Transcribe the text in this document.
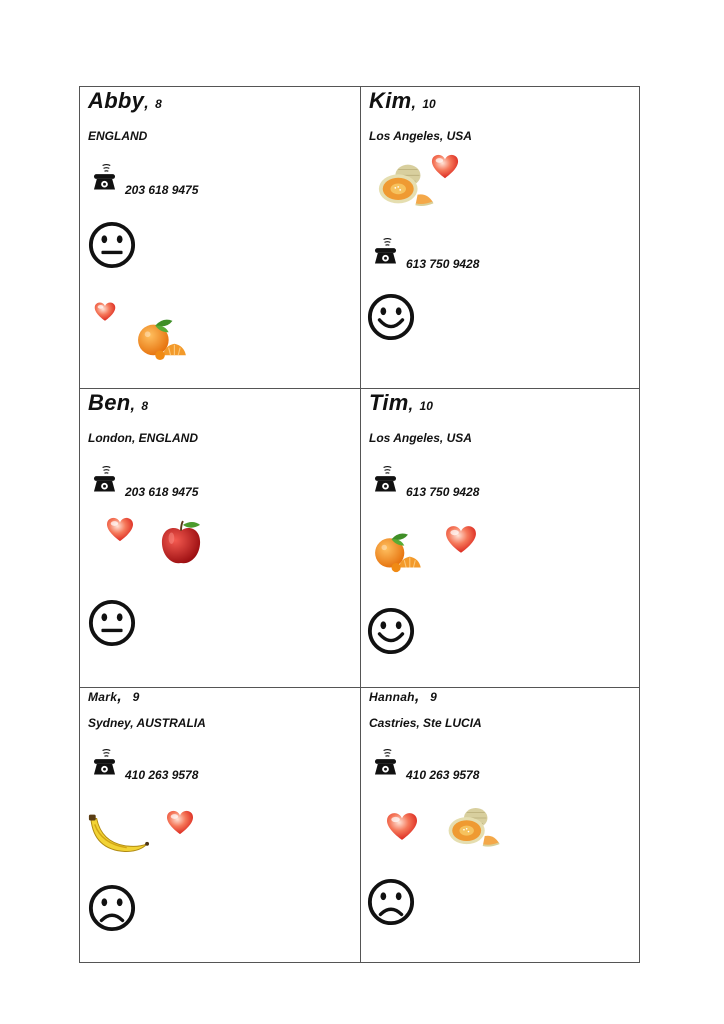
Abby, 8
ENGLAND
203 618 9475
Kim, 10
Los Angeles, USA
613 750 9428
Ben, 8
London, ENGLAND
203 618 9475
Tim, 10
Los Angeles, USA
613 750 9428
Mark,  9
Sydney, AUSTRALIA
410 263 9578
Hannah,  9
Castries, Ste LUCIA
410 263 9578
